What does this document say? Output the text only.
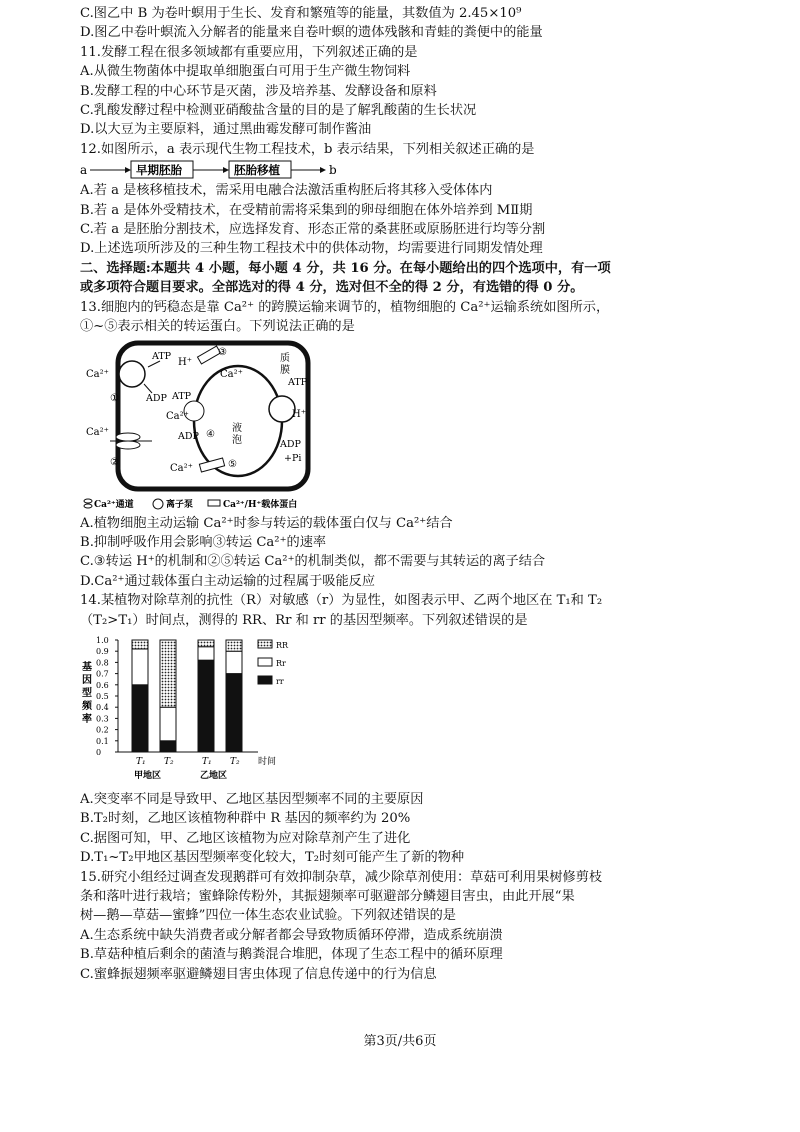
C.图乙中 B 为卷叶螟用于生长、发育和繁殖等的能量，其数值为 2.45×10⁹
D.图乙中卷叶螟流入分解者的能量来自卷叶螟的遗体残骸和青蛙的粪便中的能量
11.发酵工程在很多领域都有重要应用，下列叙述正确的是
A.从微生物菌体中提取单细胞蛋白可用于生产微生物饲料
B.发酵工程的中心环节是灭菌，涉及培养基、发酵设备和原料
C.乳酸发酵过程中检测亚硝酸盐含量的目的是了解乳酸菌的生长状况
D.以大豆为主要原料，通过黑曲霉发酵可制作酱油
12.如图所示，a 表示现代生物工程技术，b 表示结果，下列相关叙述正确的是
a	早期胚胎	胚胎移植	b
A.若 a 是核移植技术，需采用电融合法激活重构胚后将其移入受体体内
B.若 a 是体外受精技术，在受精前需将采集到的卵母细胞在体外培养到 MⅡ期
C.若 a 是胚胎分割技术，应选择发育、形态正常的桑葚胚或原肠胚进行均等分割
D.上述选项所涉及的三种生物工程技术中的供体动物，均需要进行同期发情处理
二、选择题:本题共 4 小题，每小题 4 分，共 16 分。在每小题给出的四个选项中，有一项
或多项符合题目要求。全部选对的得 4 分，选对但不全的得 2 分，有选错的得 0 分。
13.细胞内的钙稳态是靠 Ca²⁺ 的跨膜运输来调节的，植物细胞的 Ca²⁺运输系统如图所示，
①~⑤表示相关的转运蛋白。下列说法正确的是
质
膜
液
泡
Ca²⁺
①
ATP
ADP
Ca²⁺
②
H⁺
③
Ca²⁺
ATP
Ca²⁺
④
ADP
Ca²⁺	⑤
ATP
H⁺
ADP
+Pi
Ca²⁺通道	离子泵	Ca²⁺/H⁺载体蛋白
A.植物细胞主动运输 Ca²⁺时参与转运的载体蛋白仅与 Ca²⁺结合
B.抑制呼吸作用会影响③转运 Ca²⁺的速率
C.③转运 H⁺的机制和②⑤转运 Ca²⁺的机制类似，都不需要与其转运的离子结合
D.Ca²⁺通过载体蛋白主动运输的过程属于吸能反应
14.某植物对除草剂的抗性（R）对敏感（r）为显性，如图表示甲、乙两个地区在 T₁和 T₂
（T₂>T₁）时间点，测得的 RR、Rr 和 rr 的基因型频率。下列叙述错误的是
0
0.1
0.2
0.3
0.4
0.5
0.6
0.7
0.8
0.9
1.0
基
因
型
频
率
T₁ T₂	T₁ T₂ 时间
甲地区	乙地区
RR
Rr
rr
A.突变率不同是导致甲、乙地区基因型频率不同的主要原因
B.T₂时刻，乙地区该植物种群中 R 基因的频率约为 20%
C.据图可知，甲、乙地区该植物为应对除草剂产生了进化
D.T₁~T₂甲地区基因型频率变化较大，T₂时刻可能产生了新的物种
15.研究小组经过调查发现鹅群可有效抑制杂草，减少除草剂使用：草菇可利用果树修剪枝
条和落叶进行栽培；蜜蜂除传粉外，其振翅频率可驱避部分鳞翅目害虫，由此开展“果
树—鹅—草菇—蜜蜂”四位一体生态农业试验。下列叙述错误的是
A.生态系统中缺失消费者或分解者都会导致物质循环停滞，造成系统崩溃
B.草菇种植后剩余的菌渣与鹅粪混合堆肥，体现了生态工程中的循环原理
C.蜜蜂振翅频率驱避鳞翅目害虫体现了信息传递中的行为信息
第3页/共6页
